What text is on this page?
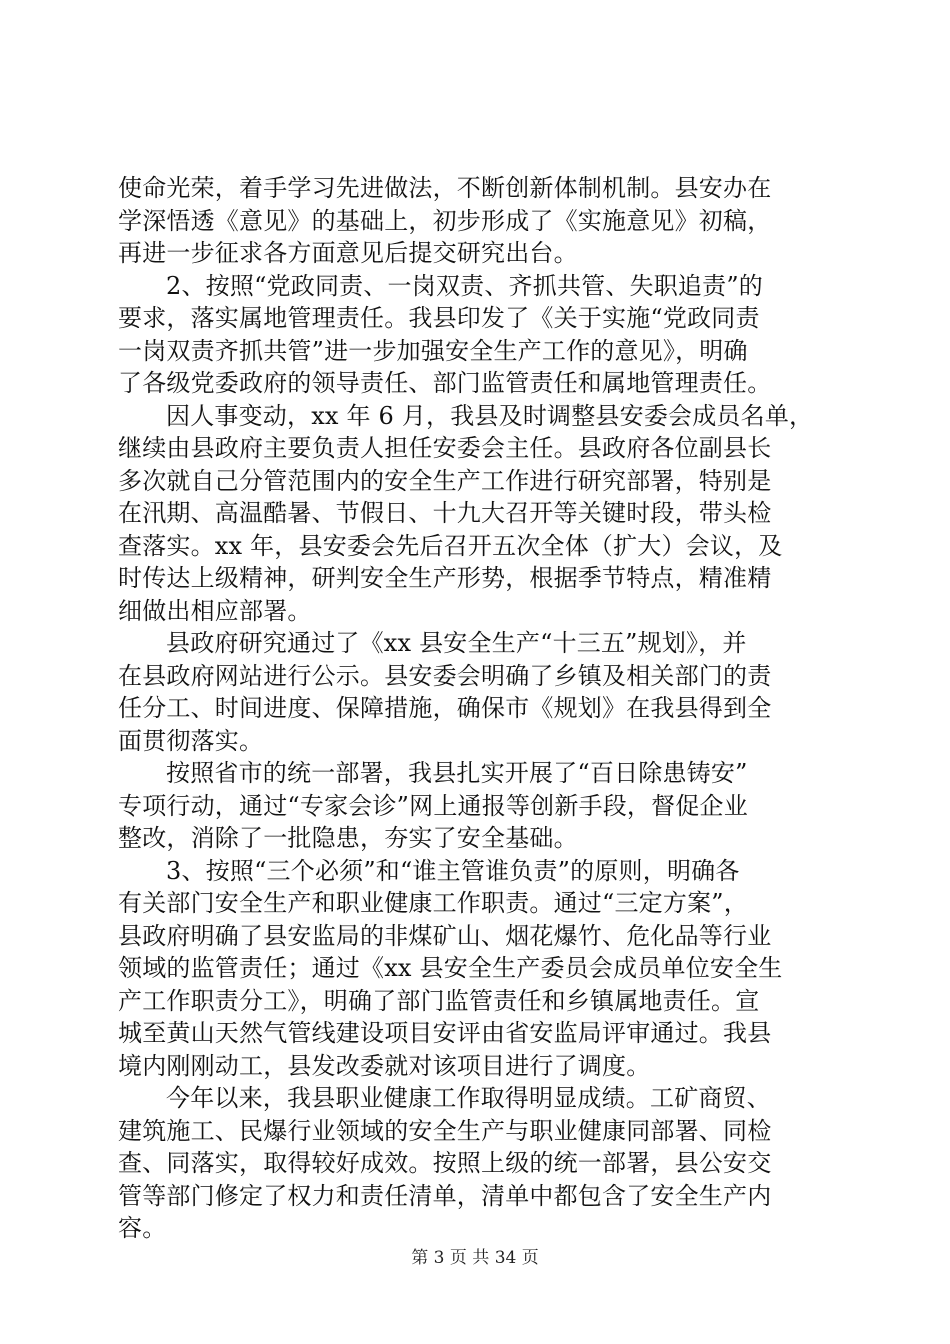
使命光荣，着手学习先进做法，不断创新体制机制。县安办在
学深悟透《意见》的基础上，初步形成了《实施意见》初稿，
再进一步征求各方面意见后提交研究出台。
2、按照“党政同责、一岗双责、齐抓共管、失职追责”的
要求，落实属地管理责任。我县印发了《关于实施“党政同责
一岗双责齐抓共管”进一步加强安全生产工作的意见》，明确
了各级党委政府的领导责任、部门监管责任和属地管理责任。
因人事变动，xx 年 6 月，我县及时调整县安委会成员名单，
继续由县政府主要负责人担任安委会主任。县政府各位副县长
多次就自己分管范围内的安全生产工作进行研究部署，特别是
在汛期、高温酷暑、节假日、十九大召开等关键时段，带头检
查落实。xx 年，县安委会先后召开五次全体（扩大）会议，及
时传达上级精神，研判安全生产形势，根据季节特点，精准精
细做出相应部署。
县政府研究通过了《xx 县安全生产“十三五”规划》，并
在县政府网站进行公示。县安委会明确了乡镇及相关部门的责
任分工、时间进度、保障措施，确保市《规划》在我县得到全
面贯彻落实。
按照省市的统一部署，我县扎实开展了“百日除患铸安”
专项行动，通过“专家会诊”网上通报等创新手段，督促企业
整改，消除了一批隐患，夯实了安全基础。
3、按照“三个必须”和“谁主管谁负责”的原则，明确各
有关部门安全生产和职业健康工作职责。通过“三定方案”，
县政府明确了县安监局的非煤矿山、烟花爆竹、危化品等行业
领域的监管责任；通过《xx 县安全生产委员会成员单位安全生
产工作职责分工》，明确了部门监管责任和乡镇属地责任。宣
城至黄山天然气管线建设项目安评由省安监局评审通过。我县
境内刚刚动工，县发改委就对该项目进行了调度。
今年以来，我县职业健康工作取得明显成绩。工矿商贸、
建筑施工、民爆行业领域的安全生产与职业健康同部署、同检
查、同落实，取得较好成效。按照上级的统一部署，县公安交
管等部门修定了权力和责任清单，清单中都包含了安全生产内
容。
第 3 页 共 34 页
